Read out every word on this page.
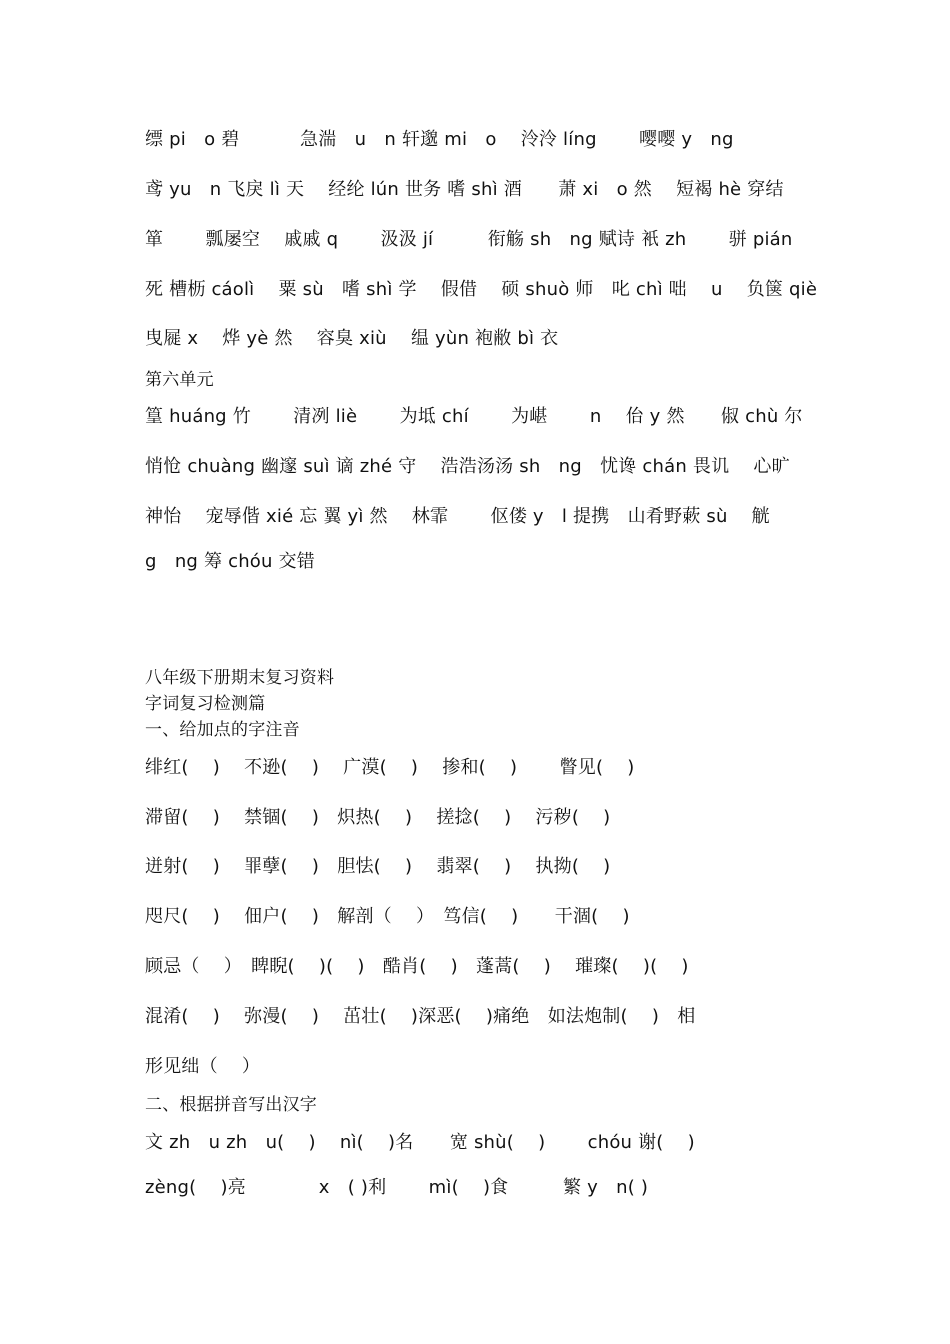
缥 pi　o 碧　　　 急湍　u　n 轩邈 mi　o　 泠泠 líng　　 嘤嘤 y　ng
鸢 yu　n 飞戾 lì 天　 经纶 lún 世务 嗜 shì 酒　　萧 xi　o 然　 短褐 hè 穿结
箪　　 瓢屡空　 戚戚 q　　 汲汲 jí　　　衔觞 sh　ng 赋诗 衹 zh　　 骈 pián
死 槽枥 cáolì　 粟 sù　嗜 shì 学　 假借　 硕 shuò 师　叱 chì 咄　 u　 负箧 qiè
曳屣 x　 烨 yè 然　 容臭 xiù　 缊 yùn 袍敝 bì 衣
第六单元
篁 huáng 竹　　 清冽 liè　　 为坻 chí　　 为嵁　　 n　 佁 y 然　　俶 chù 尔
悄怆 chuàng 幽邃 suì 谪 zhé 守　 浩浩汤汤 sh　ng　忧谗 chán 畏讥　 心旷
神怡　 宠辱偕 xié 忘 翼 yì 然　 林霏　　 伛偻 y　l 提携　山肴野蔌 sù　 觥
g　ng 筹 chóu 交错
八年级下册期末复习资料
字词复习检测篇
一、给加点的字注音
绯红(　 )　 不逊(　 )　 广漠(　 )　 掺和(　 )　　 瞥见(　 )
滞留(　 )　 禁锢(　 )　炽热(　 )　 搓捻(　 )　 污秽(　 )
迸射(　 )　 罪孽(　 )　胆怯(　 )　 翡翠(　 )　 执拗(　 )
咫尺(　 )　 佃户(　 )　解剖（　 ）　笃信(　 )　　干涸(　 )
顾忌（　 ）　睥睨(　 )(　 )　酷肖(　 )　蓬蒿(　 )　 璀璨(　 )(　 )
混淆(　 )　 弥漫(　 )　 茁壮(　 )深恶(　 )痛绝　如法炮制(　 )　相
形见绌（　 ）
二、根据拼音写出汉字
文 zh　u zh　u(　 )　 nì(　 )名　　宽 shù(　 )　　 chóu 谢(　 )
zèng(　 )亮　　　　x　( )利　　 mì(　 )食　　　繁 y　n( )
